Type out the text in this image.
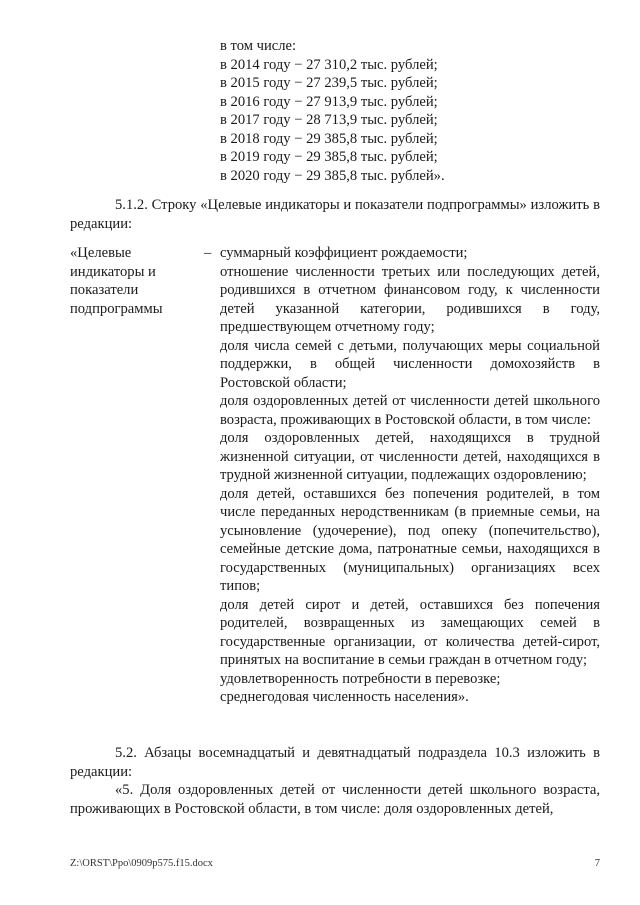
в том числе:
в 2014 году − 27 310,2 тыс. рублей;
в 2015 году − 27 239,5 тыс. рублей;
в 2016 году − 27 913,9 тыс. рублей;
в 2017 году − 28 713,9 тыс. рублей;
в 2018 году − 29 385,8 тыс. рублей;
в 2019 году − 29 385,8 тыс. рублей;
в 2020 году − 29 385,8 тыс. рублей».

5.1.2. Строку «Целевые индикаторы и показатели подпрограммы» изложить в редакции:

«Целевые
индикаторы и
показатели
подпрограммы
– суммарный коэффициент рождаемости;

отношение численности третьих или последующих детей, родившихся в отчетном финансовом году, к численности детей указанной категории, родившихся в году, предшествующем отчетному году;

доля числа семей с детьми, получающих меры социальной поддержки, в общей численности домохозяйств в Ростовской области;

доля оздоровленных детей от численности детей школьного возраста, проживающих в Ростовской области, в том числе:

доля оздоровленных детей, находящихся в трудной жизненной ситуации, от численности детей, находящихся в трудной жизненной ситуации, подлежащих оздоровлению;

доля детей, оставшихся без попечения родителей, в том числе переданных неродственникам (в приемные семьи, на усыновление (удочерение), под опеку (попечительство), семейные детские дома, патронатные семьи, находящихся в государственных (муниципальных) организациях всех типов;

доля детей сирот и детей, оставшихся без попечения родителей, возвращенных из замещающих семей в государственные организации, от количества детей-сирот, принятых на воспитание в семьи граждан в отчетном году;

удовлетворенность потребности в перевозке;

среднегодовая численность населения».

5.2. Абзацы восемнадцатый и девятнадцатый подраздела 10.3 изложить в редакции:

«5. Доля оздоровленных детей от численности детей школьного возраста, проживающих в Ростовской области, в том числе: доля оздоровленных детей,

Z:\ORST\Ppo\0909p575.f15.docx	7
